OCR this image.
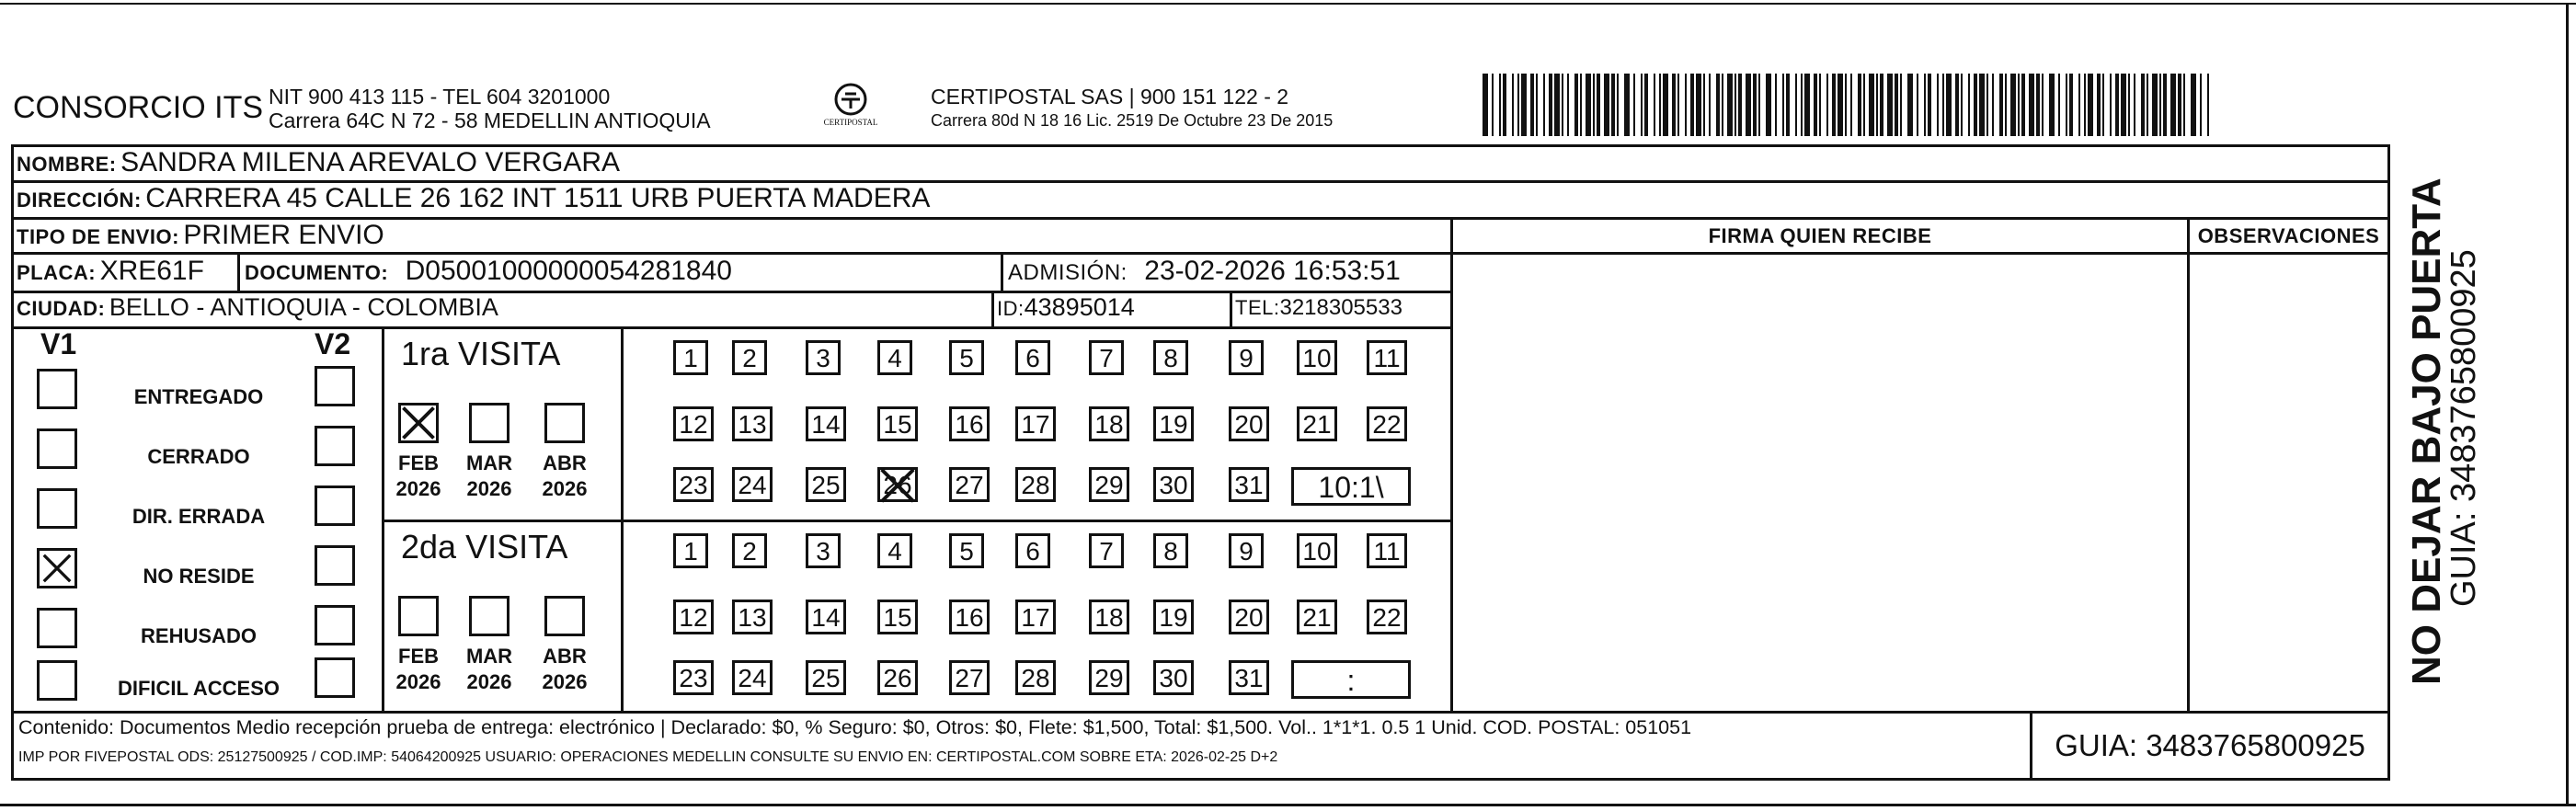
CONSORCIO ITS NIT 900 413 115 - TEL 604 3201000
Carrera 64C N 72 - 58 MEDELLIN ANTIOQUIA	CERTIPOSTAL
CERTIPOSTAL SAS | 900 151 122 - 2
Carrera 80d N 18 16 Lic. 2519 De Octubre 23 De 2015
NOMBRE: SANDRA MILENA AREVALO VERGARA
DIRECCIÓN: CARRERA 45 CALLE 26 162 INT 1511 URB PUERTA MADERA
TIPO DE ENVIO: PRIMER ENVIO	FIRMA QUIEN RECIBE	OBSERVACIONES
PLACA: XRE61F DOCUMENTO: D05001000000054281840	ADMISIÓN: 23-02-2026 16:53:51
CIUDAD: BELLO - ANTIOQUIA - COLOMBIA	ID:43895014	TEL:3218305533
V1	V2
ENTREGADO
CERRADO
DIR. ERRADA
NO RESIDE
REHUSADO
DIFICIL ACCESO
1ra VISITA
FEB
2026
MAR
2026
ABR
2026
1	2	3	4	5	6	7	8	9	10 11
12 13 14 15 16 17 18 19 20 21 22
23 24 25 26 27 28 29 30 31	10:1\
2da VISITA
FEB
2026
MAR
2026
ABR
2026
1	2	3	4	5	6	7	8	9	10 11
12 13 14 15 16 17 18 19 20 21 22
23 24 25 26 27 28 29 30 31	:
Contenido: Documentos Medio recepción prueba de entrega: electrónico | Declarado: $0, % Seguro: $0, Otros: $0, Flete: $1,500, Total: $1,500. Vol.. 1*1*1. 0.5 1 Unid. COD. POSTAL: 051051
IMP POR FIVEPOSTAL ODS: 25127500925 / COD.IMP: 54064200925 USUARIO: OPERACIONES MEDELLIN CONSULTE SU ENVIO EN: CERTIPOSTAL.COM SOBRE ETA: 2026-02-25 D+2	GUIA: 3483765800925
NO DEJAR BAJO PUERTA
GUIA: 3483765800925
